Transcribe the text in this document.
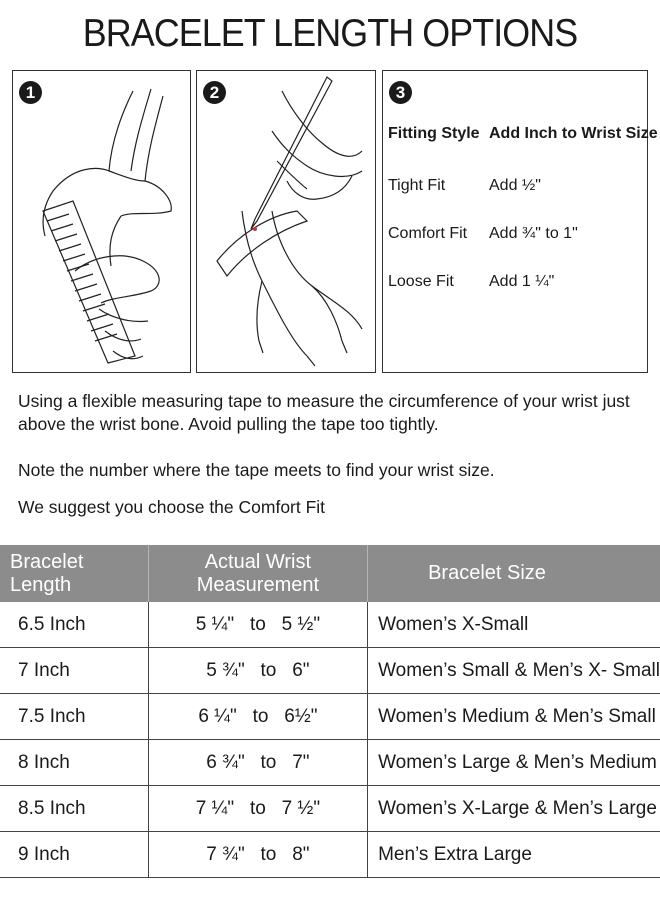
BRACELET LENGTH OPTIONS
1	2	3
Fitting Style Add Inch to Wrist Size
Tight Fit	Add ½"
Comfort Fit Add ¾" to 1"
Loose Fit Add 1 ¼"
Using a flexible measuring tape to measure the circumference of your wrist just above the wrist bone. Avoid pulling the tape too tightly.
Note the number where the tape meets to find your wrist size.
We suggest you choose the Comfort Fit
Bracelet Length	Actual Wrist Measurement	Bracelet Size
6.5 Inch	5 ¼"   to   5 ½"	Women’s X-Small
7 Inch	5 ¾"   to   6"	Women’s Small & Men’s X- Small
7.5 Inch	6 ¼"   to   6½"	Women’s Medium & Men’s Small
8 Inch	6 ¾"   to   7"	Women’s Large & Men’s Medium
8.5 Inch	7 ¼"   to   7 ½"	Women’s X-Large & Men’s Large
9 Inch	7 ¾"   to   8"	Men’s Extra Large
